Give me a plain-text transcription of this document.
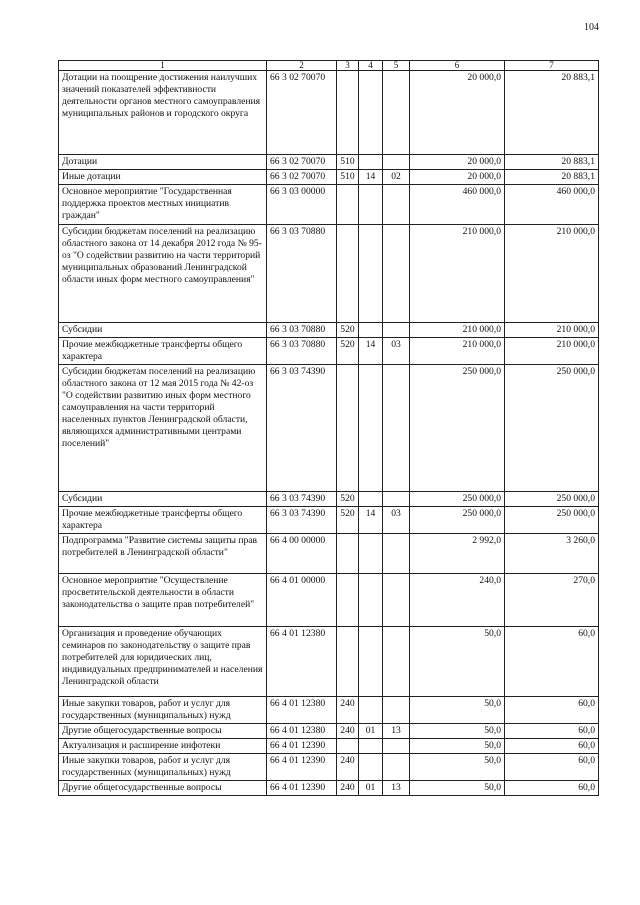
104
1	2	3	4	5	6	7
Дотации на поощрение достижения наилучших значений показателей эффективности деятельности органов местного самоуправления муниципальных районов и городского округа	66 3 02 70070				20 000,0	20 883,1
Дотации	66 3 02 70070	510			20 000,0	20 883,1
Иные дотации	66 3 02 70070	510	14	02	20 000,0	20 883,1
Основное мероприятие "Государственная поддержка проектов местных инициатив граждан"	66 3 03 00000				460 000,0	460 000,0
Субсидии бюджетам поселений на реализацию областного закона от 14 декабря 2012 года № 95-оз "О содействии развитию на части территорий муниципальных образований Ленинградской области иных форм местного самоуправления"	66 3 03 70880				210 000,0	210 000,0
Субсидии	66 3 03 70880	520			210 000,0	210 000,0
Прочие межбюджетные трансферты общего характера	66 3 03 70880	520	14	03	210 000,0	210 000,0
Субсидии бюджетам поселений на реализацию областного закона от 12 мая 2015 года № 42-оз "О содействии развитию иных форм местного самоуправления на части территорий населенных пунктов Ленинградской области, являющихся административными центрами поселений"	66 3 03 74390				250 000,0	250 000,0
Субсидии	66 3 03 74390	520			250 000,0	250 000,0
Прочие межбюджетные трансферты общего характера	66 3 03 74390	520	14	03	250 000,0	250 000,0
Подпрограмма "Развитие системы защиты прав потребителей в Ленинградской области"	66 4 00 00000				2 992,0	3 260,0
Основное мероприятие "Осуществление просветительской деятельности в области законодательства о защите прав потребителей"	66 4 01 00000				240,0	270,0
Организация и проведение обучающих семинаров по законодательству о защите прав потребителей для юридических лиц, индивидуальных предпринимателей и населения Ленинградской области	66 4 01 12380				50,0	60,0
Иные закупки товаров, работ и услуг для государственных (муниципальных) нужд	66 4 01 12380	240			50,0	60,0
Другие общегосударственные вопросы	66 4 01 12380	240	01	13	50,0	60,0
Актуализация и расширение инфотеки	66 4 01 12390				50,0	60,0
Иные закупки товаров, работ и услуг для государственных (муниципальных) нужд	66 4 01 12390	240			50,0	60,0
Другие общегосударственные вопросы	66 4 01 12390	240	01	13	50,0	60,0
